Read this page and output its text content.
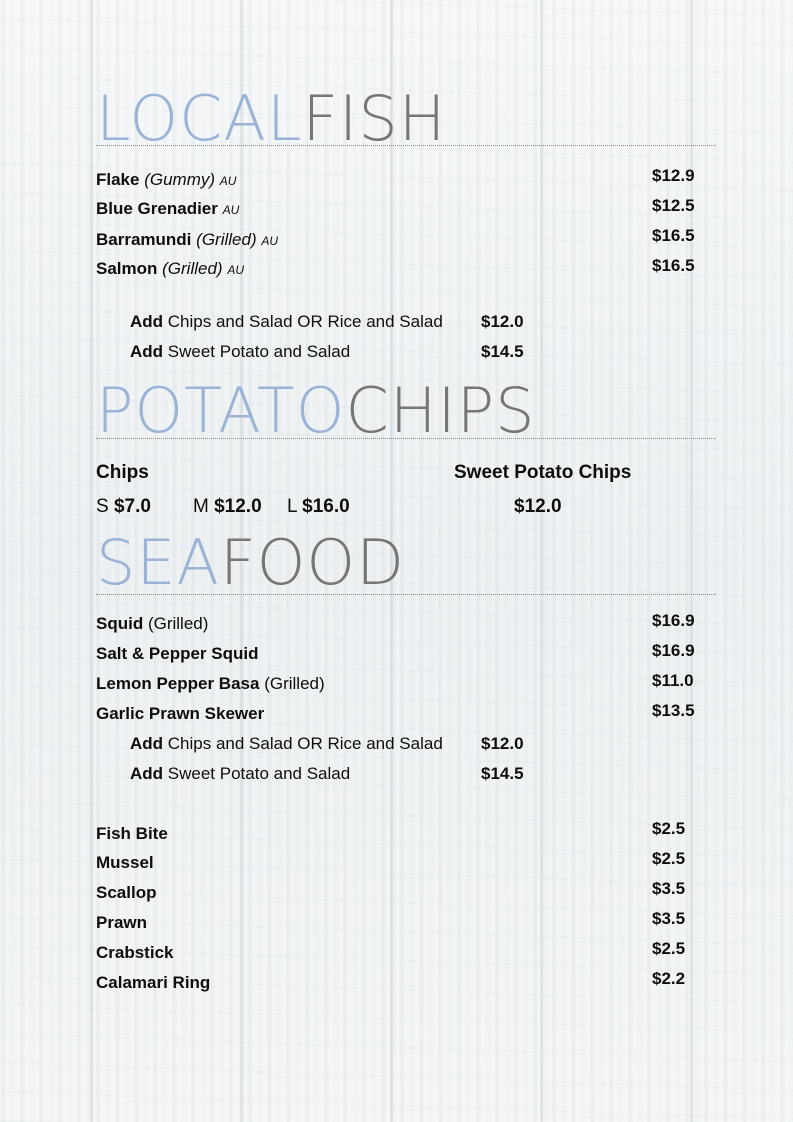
LOCALFISH
Flake (Gummy) AU	$12.9
Blue Grenadier AU	$12.5
Barramundi (Grilled) AU	$16.5
Salmon (Grilled) AU	$16.5
Add Chips and Salad OR Rice and Salad $12.0
Add Sweet Potato and Salad	$14.5
POTATOCHIPS
Chips	Sweet Potato Chips
S $7.0 M $12.0 L $16.0	$12.0
SEAFOOD
Squid (Grilled)	$16.9
Salt & Pepper Squid	$16.9
Lemon Pepper Basa (Grilled)	$11.0
Garlic Prawn Skewer	$13.5
Add Chips and Salad OR Rice and Salad $12.0
Add Sweet Potato and Salad	$14.5
Fish Bite	$2.5
Mussel	$2.5
Scallop	$3.5
Prawn	$3.5
Crabstick	$2.5
Calamari Ring	$2.2
